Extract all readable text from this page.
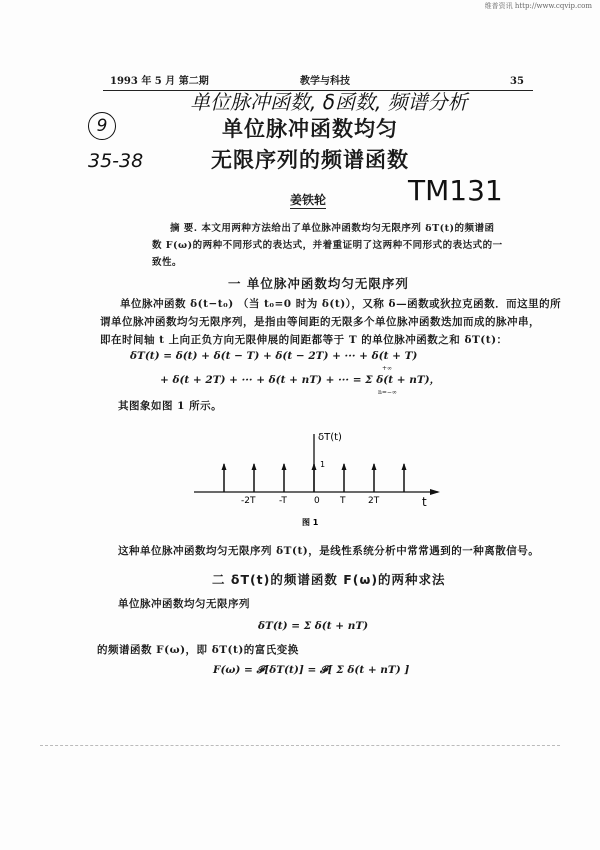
维普资讯 http://www.cqvip.com
1993 年 5 月 第二期	教学与科技	35
单位脉冲函数, δ函数, 频谱分析
9
35-38
TM131
单位脉冲函数均匀
无限序列的频谱函数
姜铁轮
摘 要. 本文用两种方法给出了单位脉冲函数均匀无限序列 δT(t)的频谱函
数 F(ω)的两种不同形式的表达式，并着重证明了这两种不同形式的表达式的一
致性。
一 单位脉冲函数均匀无限序列
单位脉冲函数 δ(t−t₀) （当 t₀=0 时为 δ(t)），又称 δ—函数或狄拉克函数．而这里的所
谓单位脉冲函数均匀无限序列，是指由等间距的无限多个单位脉冲函数迭加而成的脉冲串，
即在时间轴 t 上向正负方向无限伸展的间距都等于 T 的单位脉冲函数之和 δT(t)：
δT(t) = δ(t) + δ(t − T) + δ(t − 2T) + ··· + δ(t + T)
+∞
+ δ(t + 2T) + ··· + δ(t + nT) + ··· = Σ δ(t + nT)，
n=−∞
其图象如图 1 所示。
δT(t)
1
t
-2T	-T	0 T	2T
图 1
这种单位脉冲函数均匀无限序列 δT(t)，是线性系统分析中常常遇到的一种离散信号。
二 δT(t)的频谱函数 F(ω)的两种求法
单位脉冲函数均匀无限序列
δT(t) = Σ δ(t + nT)
的频谱函数 F(ω)，即 δT(t)的富氏变换
F(ω) = 𝓕[δT(t)] = 𝓕[ Σ δ(t + nT) ]
